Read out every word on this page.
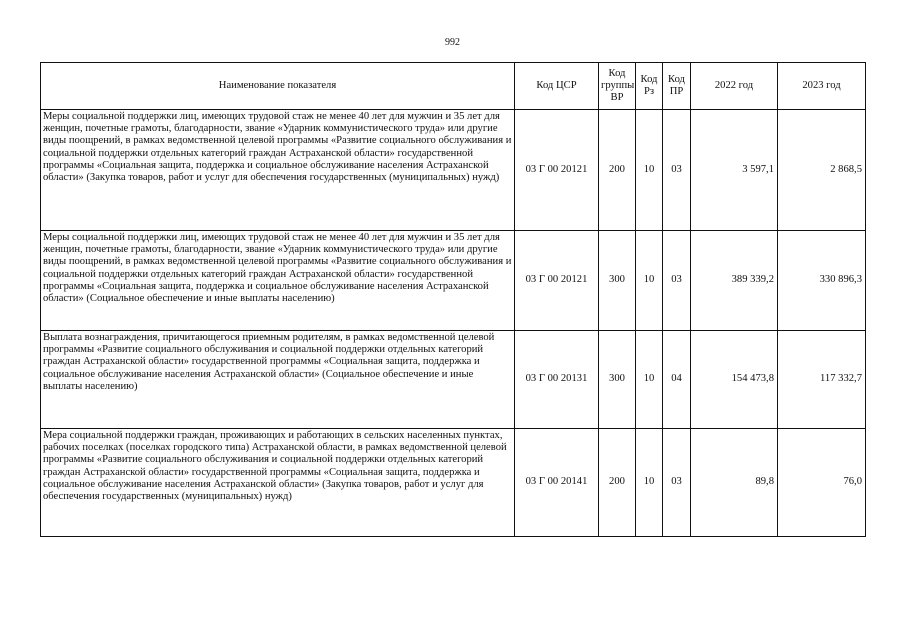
992
Наименование показателя	Код ЦСР	Код группы ВР	Код Рз	Код ПР	2022 год	2023 год
Меры социальной поддержки лиц, имеющих трудовой стаж не менее 40 лет для мужчин и 35 лет для женщин, почетные грамоты, благодарности, звание «Ударник коммунистического труда» или другие виды поощрений, в рамках ведомственной целевой программы «Развитие социального обслуживания и социальной поддержки отдельных категорий граждан Астраханской области» государственной программы «Социальная защита, поддержка и социальное обслуживание населения Астраханской области» (Закупка товаров, работ и услуг для обеспечения государственных (муниципальных) нужд)	03 Г 00 20121	200	10	03	3 597,1	2 868,5
Меры социальной поддержки лиц, имеющих трудовой стаж не менее 40 лет для мужчин и 35 лет для женщин, почетные грамоты, благодарности, звание «Ударник коммунистического труда» или другие виды поощрений, в рамках ведомственной целевой программы «Развитие социального обслуживания и социальной поддержки отдельных категорий граждан Астраханской области» государственной программы «Социальная защита, поддержка и социальное обслуживание населения Астраханской области» (Социальное обеспечение и иные выплаты населению)	03 Г 00 20121	300	10	03	389 339,2	330 896,3
Выплата вознаграждения, причитающегося приемным родителям, в рамках ведомственной целевой программы «Развитие социального обслуживания и социальной поддержки отдельных категорий граждан Астраханской области» государственной программы «Социальная защита, поддержка и социальное обслуживание населения Астраханской области» (Социальное обеспечение и иные выплаты населению)	03 Г 00 20131	300	10	04	154 473,8	117 332,7
Мера социальной поддержки граждан, проживающих и работающих в сельских населенных пунктах, рабочих поселках (поселках городского типа) Астраханской области, в рамках ведомственной целевой программы «Развитие социального обслуживания и социальной поддержки отдельных категорий граждан Астраханской области» государственной программы «Социальная защита, поддержка и социальное обслуживание населения Астраханской области» (Закупка товаров, работ и услуг для обеспечения государственных (муниципальных) нужд)	03 Г 00 20141	200	10	03	89,8	76,0
